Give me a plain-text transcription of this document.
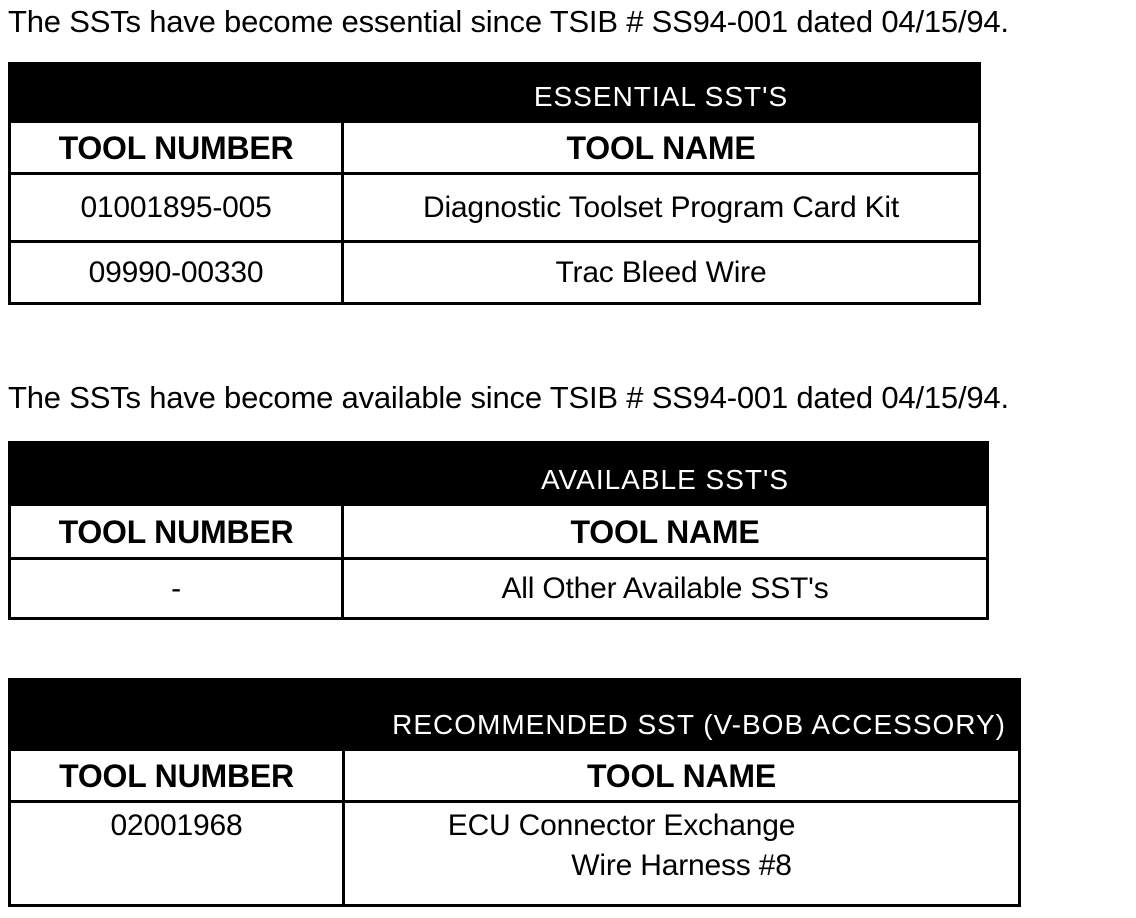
The SSTs have become essential since TSIB # SS94-001 dated 04/15/94.
	ESSENTIAL SST'S
TOOL NUMBER	TOOL NAME
01001895-005	Diagnostic Toolset Program Card Kit
09990-00330	Trac Bleed Wire
The SSTs have become available since TSIB # SS94-001 dated 04/15/94.
	AVAILABLE SST'S
TOOL NUMBER	TOOL NAME
-	All Other Available SST's
	RECOMMENDED SST (V-BOB ACCESSORY)
TOOL NUMBER	TOOL NAME
02001968	ECU Connector Exchange
Wire Harness #8
